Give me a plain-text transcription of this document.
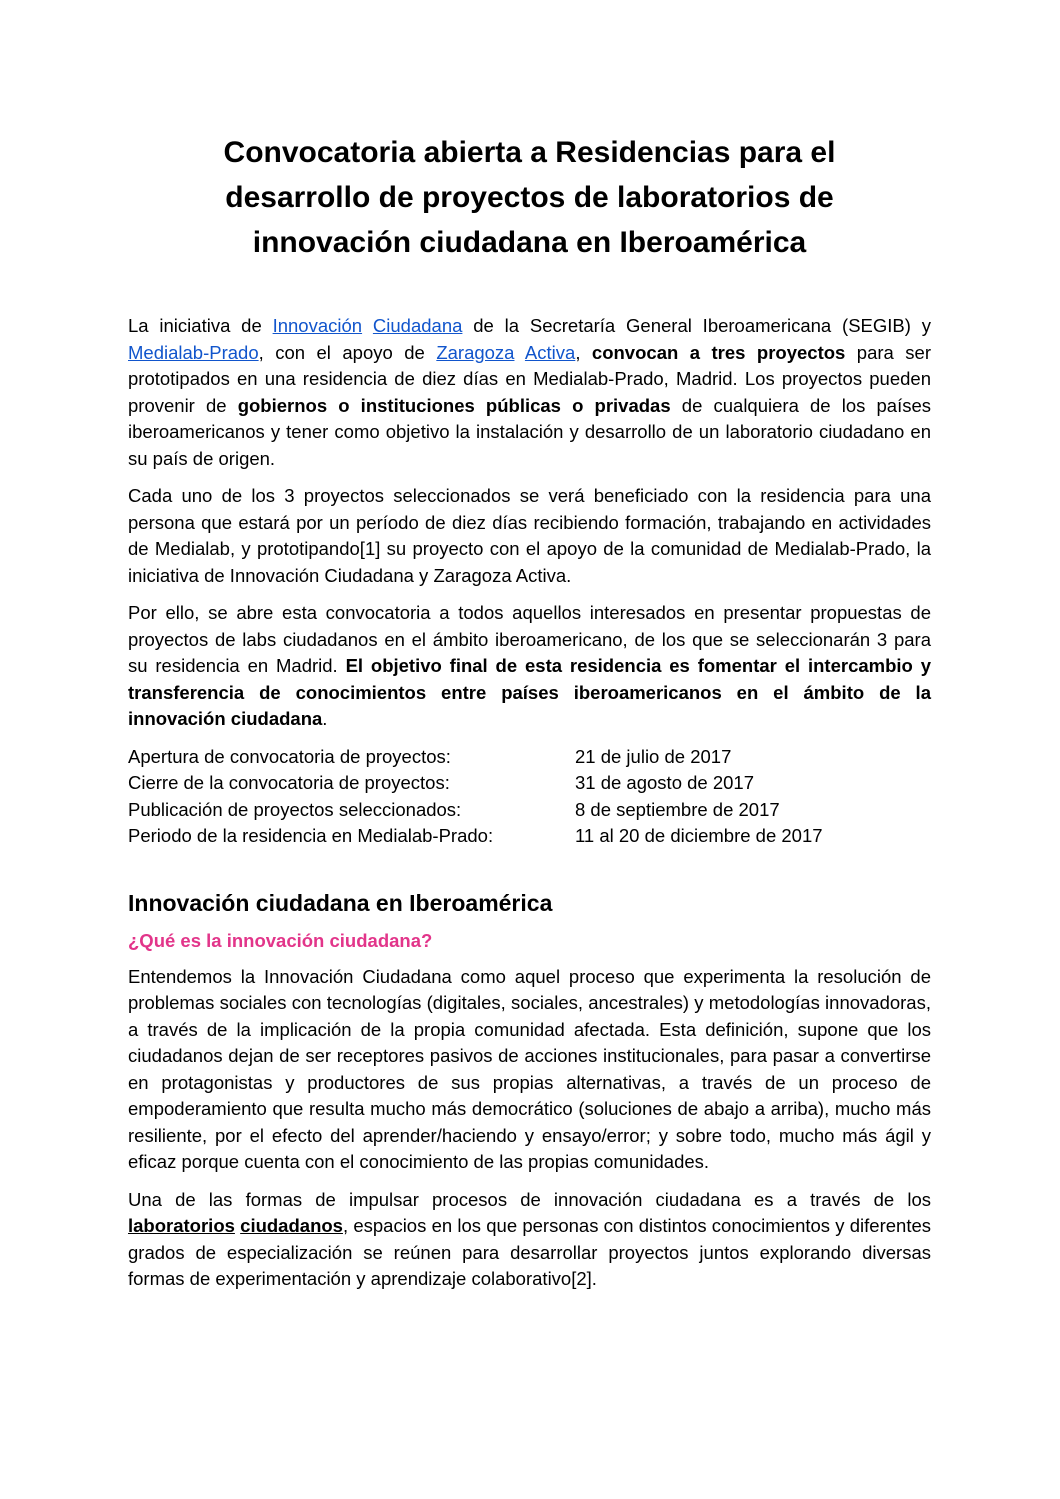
Convocatoria abierta a Residencias para el
desarrollo de proyectos de laboratorios de
innovación ciudadana en Iberoamérica

La iniciativa de Innovación Ciudadana de la Secretaría General Iberoamericana (SEGIB) y Medialab-Prado, con el apoyo de Zaragoza Activa, convocan a tres proyectos para ser prototipados en una residencia de diez días en Medialab-Prado, Madrid. Los proyectos pueden provenir de gobiernos o instituciones públicas o privadas de cualquiera de los países iberoamericanos y tener como objetivo la instalación y desarrollo de un laboratorio ciudadano en su país de origen.

Cada uno de los 3 proyectos seleccionados se verá beneficiado con la residencia para una persona que estará por un período de diez días recibiendo formación, trabajando en actividades de Medialab, y prototipando[1] su proyecto con el apoyo de la comunidad de Medialab-Prado, la iniciativa de Innovación Ciudadana y Zaragoza Activa.

Por ello, se abre esta convocatoria a todos aquellos interesados en presentar propuestas de proyectos de labs ciudadanos en el ámbito iberoamericano, de los que se seleccionarán 3 para su residencia en Madrid. El objetivo final de esta residencia es fomentar el intercambio y transferencia de conocimientos entre países iberoamericanos en el ámbito de la innovación ciudadana.

Apertura de convocatoria de proyectos:	21 de julio de 2017
Cierre de la convocatoria de proyectos:	31 de agosto de 2017
Publicación de proyectos seleccionados:	8 de septiembre de 2017
Periodo de la residencia en Medialab-Prado:	11 al 20 de diciembre de 2017
Innovación ciudadana en Iberoamérica
¿Qué es la innovación ciudadana?

Entendemos la Innovación Ciudadana como aquel proceso que experimenta la resolución de problemas sociales con tecnologías (digitales, sociales, ancestrales) y metodologías innovadoras, a través de la implicación de la propia comunidad afectada. Esta definición, supone que los ciudadanos dejan de ser receptores pasivos de acciones institucionales, para pasar a convertirse en protagonistas y productores de sus propias alternativas, a través de un proceso de empoderamiento que resulta mucho más democrático (soluciones de abajo a arriba), mucho más resiliente, por el efecto del aprender/haciendo y ensayo/error; y sobre todo, mucho más ágil y eficaz porque cuenta con el conocimiento de las propias comunidades.

Una de las formas de impulsar procesos de innovación ciudadana es a través de los laboratorios ciudadanos, espacios en los que personas con distintos conocimientos y diferentes grados de especialización se reúnen para desarrollar proyectos juntos explorando diversas formas de experimentación y aprendizaje colaborativo[2].
